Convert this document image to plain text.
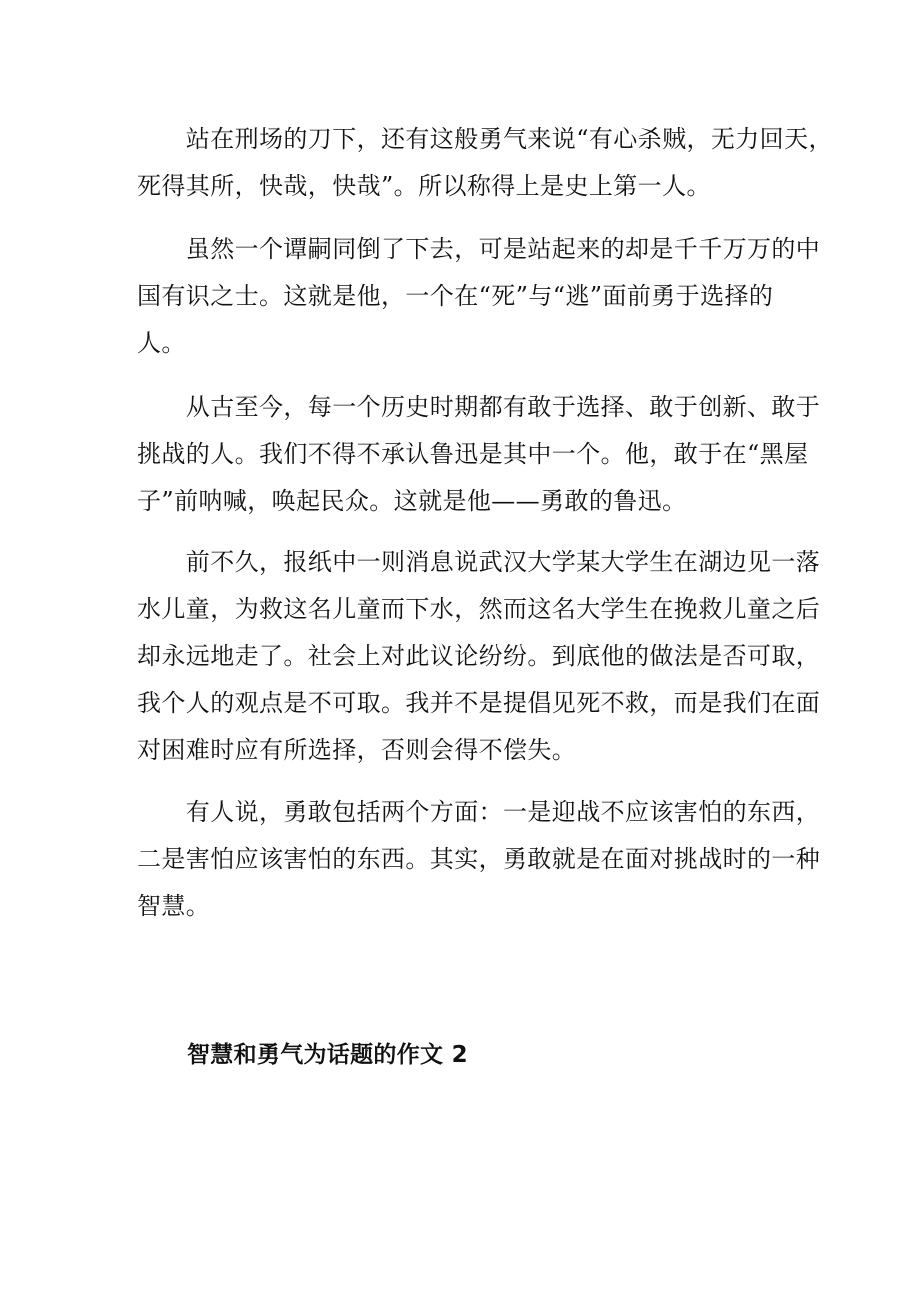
　　站在刑场的刀下，还有这般勇气来说“有心杀贼，无力回天，
死得其所，快哉，快哉”。所以称得上是史上第一人。
　　虽然一个谭嗣同倒了下去，可是站起来的却是千千万万的中
国有识之士。这就是他，一个在“死”与“逃”面前勇于选择的
人。
　　从古至今，每一个历史时期都有敢于选择、敢于创新、敢于
挑战的人。我们不得不承认鲁迅是其中一个。他，敢于在“黑屋
子”前呐喊，唤起民众。这就是他——勇敢的鲁迅。
　　前不久，报纸中一则消息说武汉大学某大学生在湖边见一落
水儿童，为救这名儿童而下水，然而这名大学生在挽救儿童之后
却永远地走了。社会上对此议论纷纷。到底他的做法是否可取，
我个人的观点是不可取。我并不是提倡见死不救，而是我们在面
对困难时应有所选择，否则会得不偿失。
　　有人说，勇敢包括两个方面：一是迎战不应该害怕的东西，
二是害怕应该害怕的东西。其实，勇敢就是在面对挑战时的一种
智慧。
智慧和勇气为话题的作文 2
